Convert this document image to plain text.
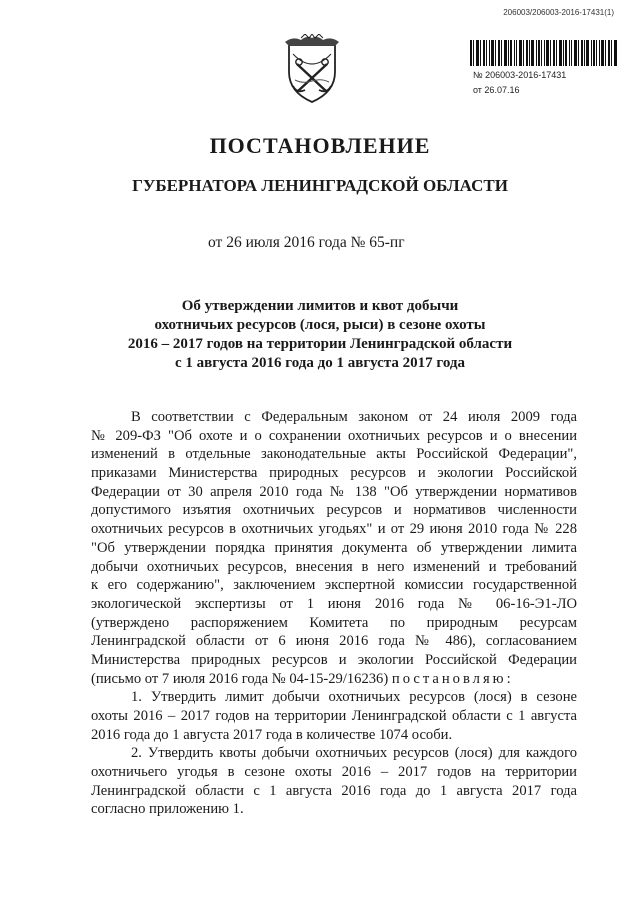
206003/206003-2016-17431(1)
№ 206003-2016-17431
от 26.07.16
ПОСТАНОВЛЕНИЕ
ГУБЕРНАТОРА ЛЕНИНГРАДСКОЙ ОБЛАСТИ
от 26 июля 2016 года № 65-пг
Об утверждении лимитов и квот добычи
охотничьих ресурсов (лося, рыси) в сезоне охоты
2016 – 2017 годов на территории Ленинградской области
с 1 августа 2016 года до 1 августа 2017 года
В соответствии с Федеральным законом от 24 июля 2009 года
№ 209-ФЗ "Об охоте и о сохранении охотничьих ресурсов и о внесении
изменений в отдельные законодательные акты Российской Федерации",
приказами Министерства природных ресурсов и экологии Российской
Федерации от 30 апреля 2010 года № 138 "Об утверждении нормативов
допустимого изъятия охотничьих ресурсов и нормативов численности
охотничьих ресурсов в охотничьих угодьях" и от 29 июня 2010 года № 228
"Об утверждении порядка принятия документа об утверждении лимита
добычи охотничьих ресурсов, внесения в него изменений и требований
к его содержанию", заключением экспертной комиссии государственной
экологической экспертизы от 1 июня 2016 года № 06-16-Э1-ЛО
(утверждено распоряжением Комитета по природным ресурсам
Ленинградской области от 6 июня 2016 года № 486), согласованием
Министерства природных ресурсов и экологии Российской Федерации
(письмо от 7 июля 2016 года № 04-15-29/16236) постановляю:
1. Утвердить лимит добычи охотничьих ресурсов (лося) в сезоне
охоты 2016 – 2017 годов на территории Ленинградской области с 1 августа
2016 года до 1 августа 2017 года в количестве 1074 особи.
2. Утвердить квоты добычи охотничьих ресурсов (лося) для каждого
охотничьего угодья в сезоне охоты 2016 – 2017 годов на территории
Ленинградской области с 1 августа 2016 года до 1 августа 2017 года
согласно приложению 1.
